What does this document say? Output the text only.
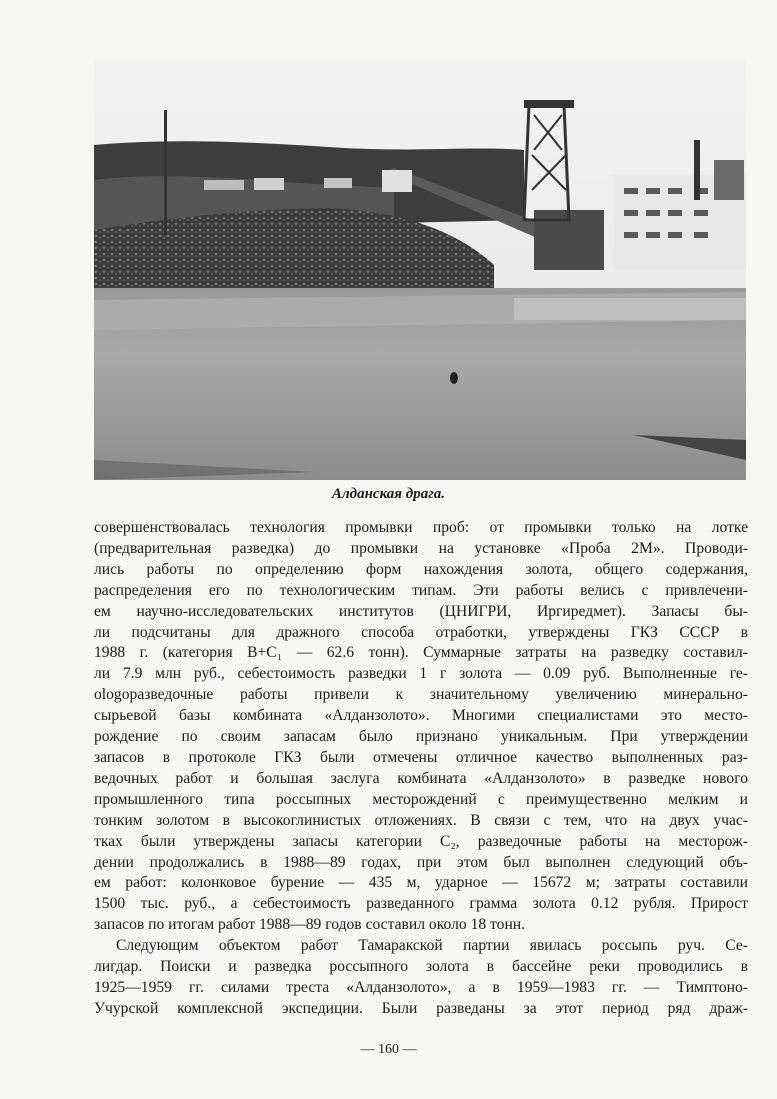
Алданская драга.

совершенствовалась технология промывки проб: от промывки только на лотке
(предварительная разведка) до промывки на установке «Проба 2М». Проводи-
лись работы по определению форм нахождения золота, общего содержания,
распределения его по технологическим типам. Эти работы велись с привлечени-
ем научно-исследовательских институтов (ЦНИГРИ, Иргиредмет). Запасы бы-
ли подсчитаны для дражного способа отработки, утверждены ГКЗ СССР в
1988 г. (категория В+С₁ — 62.6 тонн). Суммарные затраты на разведку составил-
ли 7.9 млн руб., себестоимость разведки 1 г золота — 0.09 руб. Выполненные ге-
ologоразведочные работы привели к значительному увеличению минерально-
сырьевой базы комбината «Алданзолото». Многими специалистами это место-
рождение по своим запасам было признано уникальным. При утверждении
запасов в протоколе ГКЗ были отмечены отличное качество выполненных раз-
ведочных работ и большая заслуга комбината «Алданзолото» в разведке нового
промышленного типа россыпных месторождений с преимущественно мелким и
тонким золотом в высокоглинистых отложениях. В связи с тем, что на двух учас-
тках были утверждены запасы категории С₂, разведочные работы на месторож-
дении продолжались в 1988—89 годах, при этом был выполнен следующий объ-
ем работ: колонковое бурение — 435 м, ударное — 15672 м; затраты составили
1500 тыс. руб., а себестоимость разведанного грамма золота 0.12 рубля. Прирост
запасов по итогам работ 1988—89 годов составил около 18 тонн.

Следующим объектом работ Тамаракской партии явилась россыпь руч. Се-
лигдар. Поиски и разведка россыпного золота в бассейне реки проводились в
1925—1959 гг. силами треста «Алданзолото», а в 1959—1983 гг. — Тимптоно-
Учурской комплексной экспедиции. Были разведаны за этот период ряд драж-

— 160 —
